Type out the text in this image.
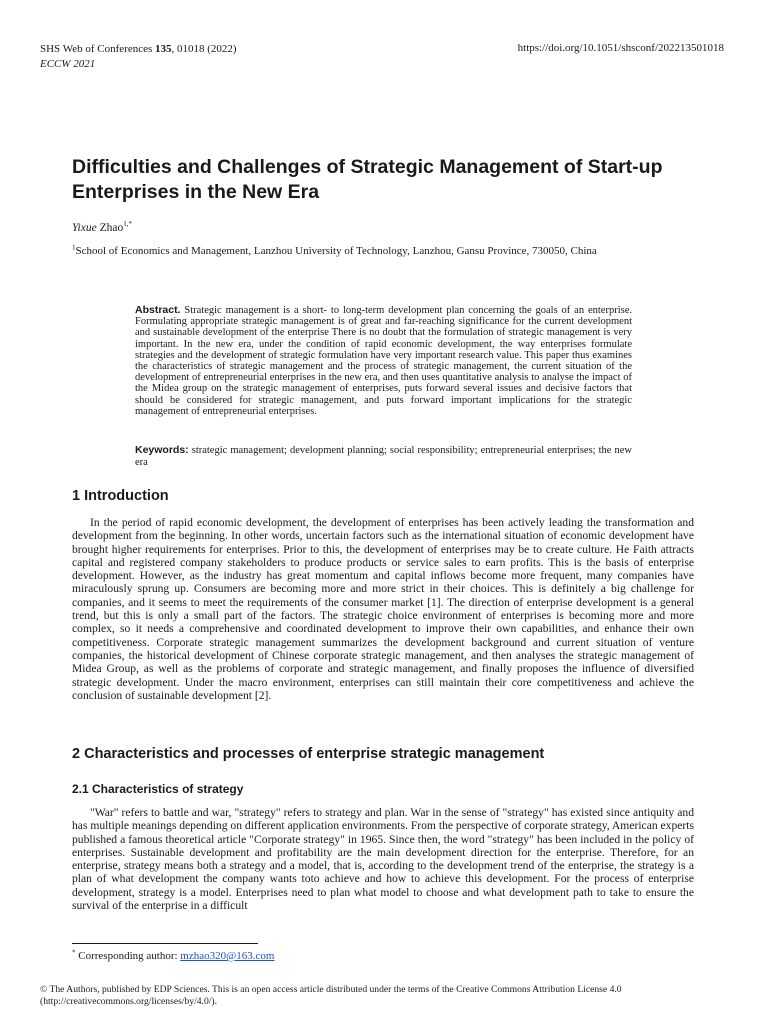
SHS Web of Conferences 135, 01018 (2022)
ECCW 2021
https://doi.org/10.1051/shsconf/202213501018
Difficulties and Challenges of Strategic Management of Start-up Enterprises in the New Era
Yixue Zhao$^{1,*}$
$^1$School of Economics and Management, Lanzhou University of Technology, Lanzhou, Gansu Province, 730050, China

Abstract. Strategic management is a short- to long-term development plan concerning the goals of an enterprise. Formulating appropriate strategic management is of great and far-reaching significance for the current development and sustainable development of the enterprise There is no doubt that the formulation of strategic management is very important. In the new era, under the condition of rapid economic development, the way enterprises formulate strategies and the development of strategic formulation have very important research value. This paper thus examines the characteristics of strategic management and the process of strategic management, the current situation of the development of entrepreneurial enterprises in the new era, and then uses quantitative analysis to analyse the impact of the Midea group on the strategic management of enterprises, puts forward several issues and decisive factors that should be considered for strategic management, and puts forward important implications for the strategic management of entrepreneurial enterprises.

Keywords: strategic management; development planning; social responsibility; entrepreneurial enterprises; the new era

1 Introduction

In the period of rapid economic development, the development of enterprises has been actively leading the transformation and development from the beginning. In other words, uncertain factors such as the international situation of economic development have brought higher requirements for enterprises. Prior to this, the development of enterprises may be to create culture. He Faith attracts capital and registered company stakeholders to produce products or service sales to earn profits. This is the basis of enterprise development. However, as the industry has great momentum and capital inflows become more frequent, many companies have miraculously sprung up. Consumers are becoming more and more strict in their choices. This is definitely a big challenge for companies, and it seems to meet the requirements of the consumer market [1]. The direction of enterprise development is a general trend, but this is only a small part of the factors. The strategic choice environment of enterprises is becoming more and more complex, so it needs a comprehensive and coordinated development to improve their own capabilities, and enhance their own competitiveness. Corporate strategic management summarizes the development background and current situation of venture companies, the historical development of Chinese corporate strategic management, and then analyses the strategic management of Midea Group, as well as the problems of corporate and strategic management, and finally proposes the influence of diversified strategic development. Under the macro environment, enterprises can still maintain their core competitiveness and achieve the conclusion of sustainable development [2].

2 Characteristics and processes of enterprise strategic management
2.1 Characteristics of strategy

"War" refers to battle and war, "strategy" refers to strategy and plan. War in the sense of "strategy" has existed since antiquity and has multiple meanings depending on different application environments. From the perspective of corporate strategy, American experts published a famous theoretical article "Corporate strategy" in 1965. Since then, the word "strategy" has been included in the policy of enterprises. Sustainable development and profitability are the main development direction for the enterprise. Therefore, for an enterprise, strategy means both a strategy and a model, that is, according to the development trend of the enterprise, the strategy is a plan of what development the company wants toto achieve and how to achieve this development. For the process of enterprise development, strategy is a model. Enterprises need to plan what model to choose and what development path to take to ensure the survival of the enterprise in a difficult

* Corresponding author: mzhao320@163.com

© The Authors, published by EDP Sciences. This is an open access article distributed under the terms of the Creative Commons Attribution License 4.0
(http://creativecommons.org/licenses/by/4.0/).
